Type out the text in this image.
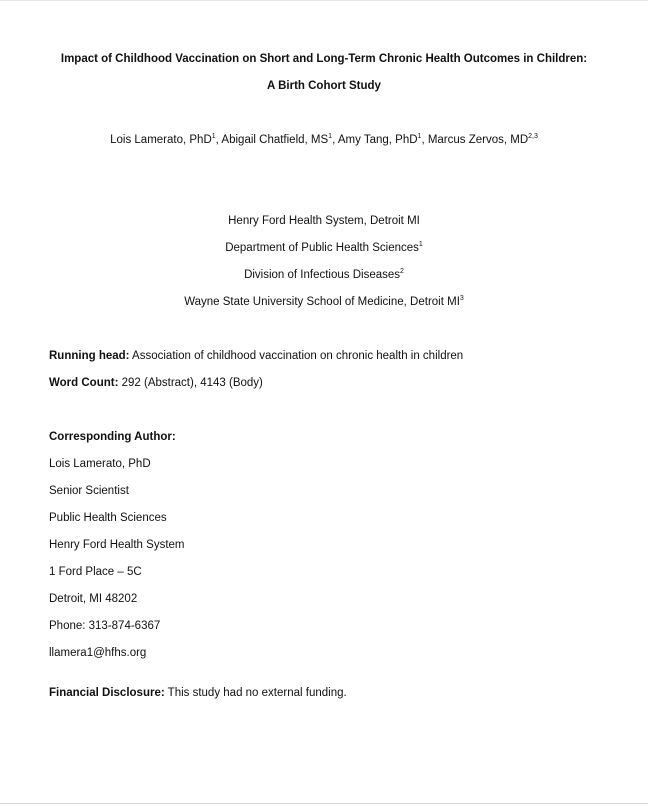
Impact of Childhood Vaccination on Short and Long-Term Chronic Health Outcomes in Children:
A Birth Cohort Study
Lois Lamerato, PhD$^1$, Abigail Chatfield, $MS^1$, Amy Tang, PhD$^1$, Marcus Zervos, MD$^{2,3}$
Henry Ford Health System, Detroit MI
Department of Public Health Sciences$^1$
Division of Infectious Diseases$^2$
Wayne State University School of Medicine, Detroit $MI^3$
Running head: Association of childhood vaccination on chronic health in children
Word Count: 292 (Abstract), 4143 (Body)
Corresponding Author:
Lois Lamerato, PhD
Senior Scientist
Public Health Sciences
Henry Ford Health System
1 Ford Place – 5C
Detroit, MI 48202
Phone: 313-874-6367
llamera1@hfhs.org
Financial Disclosure: This study had no external funding.
